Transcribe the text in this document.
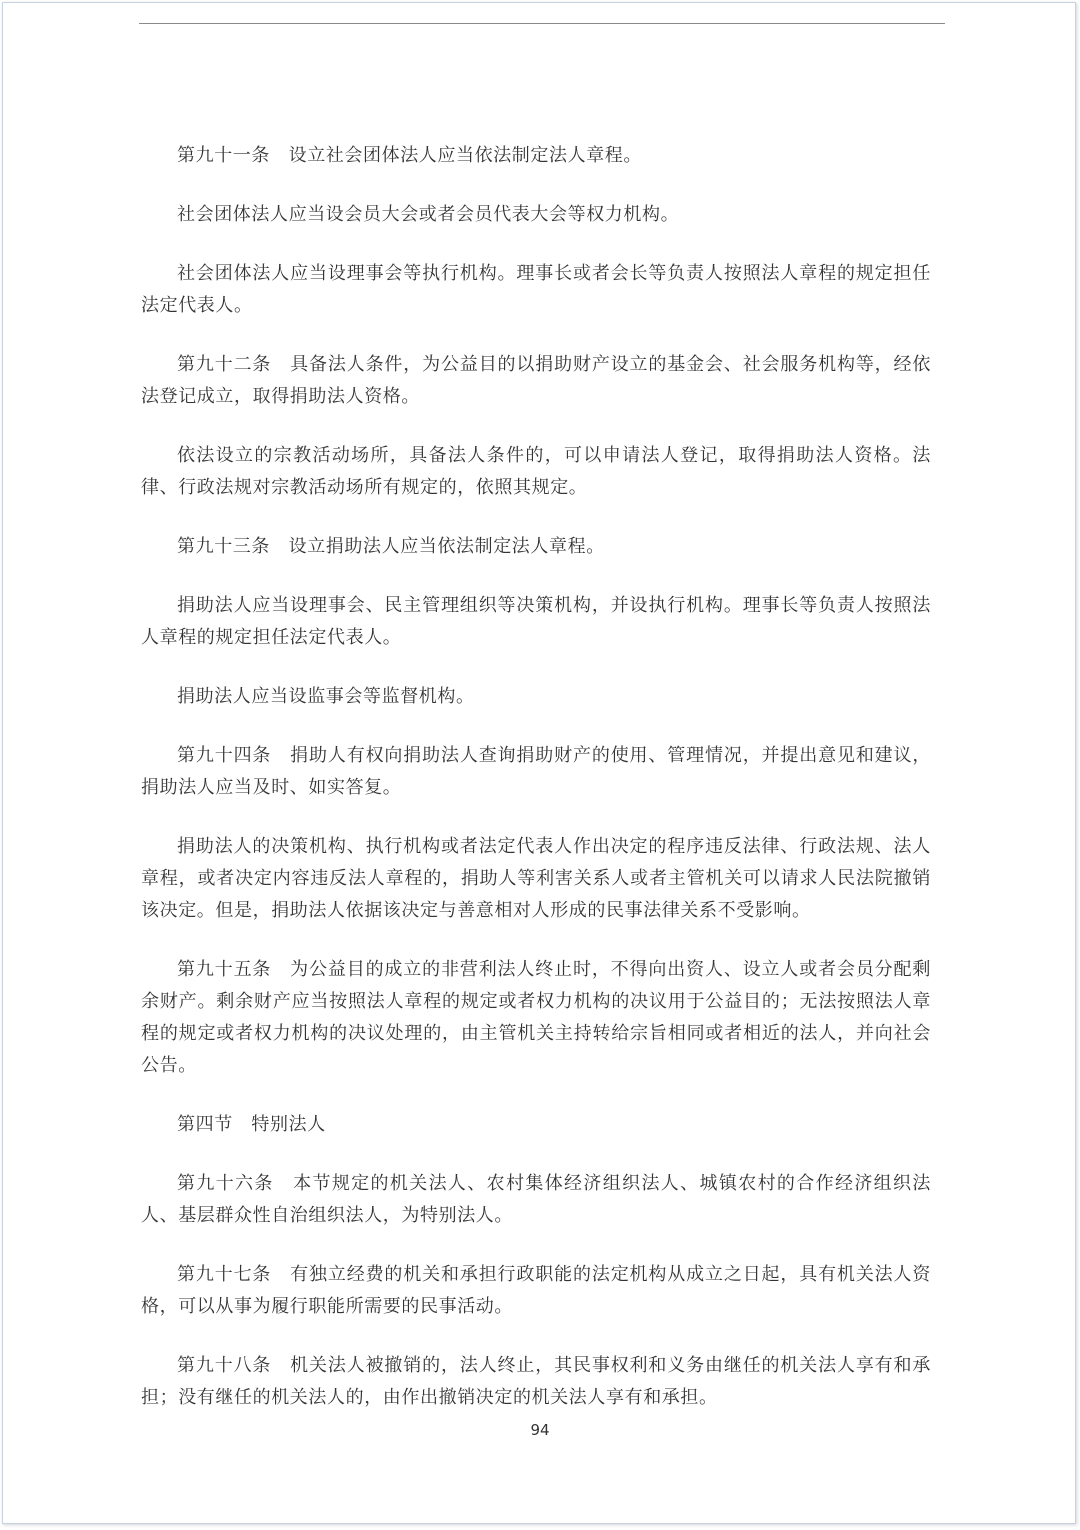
第九十一条　设立社会团体法人应当依法制定法人章程。

社会团体法人应当设会员大会或者会员代表大会等权力机构。

社会团体法人应当设理事会等执行机构。理事长或者会长等负责人按照法人章程的规定担任法定代表人。

第九十二条　具备法人条件，为公益目的以捐助财产设立的基金会、社会服务机构等，经依法登记成立，取得捐助法人资格。

依法设立的宗教活动场所，具备法人条件的，可以申请法人登记，取得捐助法人资格。法律、行政法规对宗教活动场所有规定的，依照其规定。

第九十三条　设立捐助法人应当依法制定法人章程。

捐助法人应当设理事会、民主管理组织等决策机构，并设执行机构。理事长等负责人按照法人章程的规定担任法定代表人。

捐助法人应当设监事会等监督机构。

第九十四条　捐助人有权向捐助法人查询捐助财产的使用、管理情况，并提出意见和建议，捐助法人应当及时、如实答复。

捐助法人的决策机构、执行机构或者法定代表人作出决定的程序违反法律、行政法规、法人章程，或者决定内容违反法人章程的，捐助人等利害关系人或者主管机关可以请求人民法院撤销该决定。但是，捐助法人依据该决定与善意相对人形成的民事法律关系不受影响。

第九十五条　为公益目的成立的非营利法人终止时，不得向出资人、设立人或者会员分配剩余财产。剩余财产应当按照法人章程的规定或者权力机构的决议用于公益目的；无法按照法人章程的规定或者权力机构的决议处理的，由主管机关主持转给宗旨相同或者相近的法人，并向社会公告。

第四节　特别法人

第九十六条　本节规定的机关法人、农村集体经济组织法人、城镇农村的合作经济组织法人、基层群众性自治组织法人，为特别法人。

第九十七条　有独立经费的机关和承担行政职能的法定机构从成立之日起，具有机关法人资格，可以从事为履行职能所需要的民事活动。

第九十八条　机关法人被撤销的，法人终止，其民事权利和义务由继任的机关法人享有和承担；没有继任的机关法人的，由作出撤销决定的机关法人享有和承担。

94
